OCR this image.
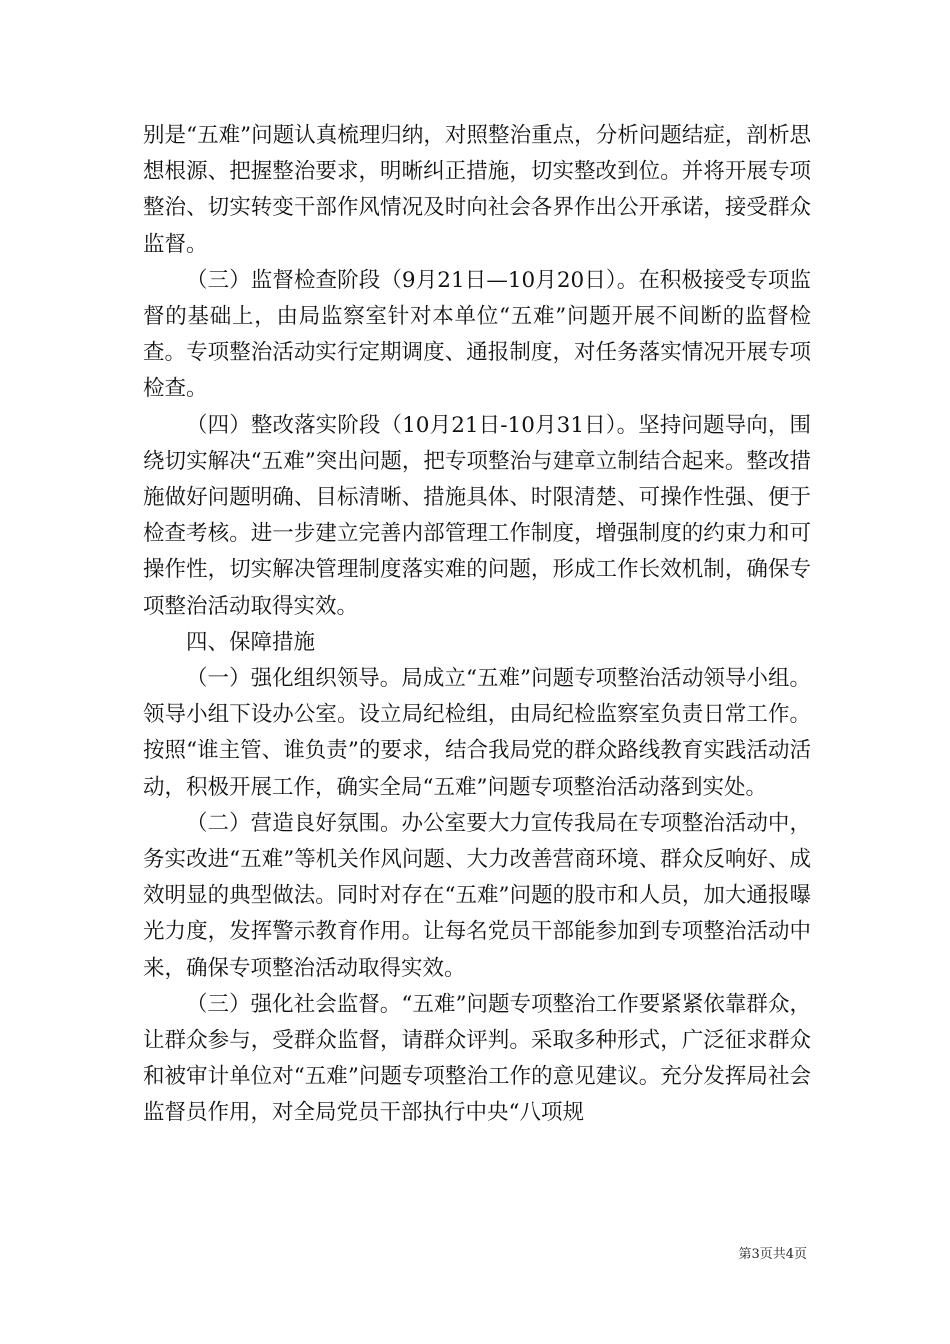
别是“五难”问题认真梳理归纳，对照整治重点，分析问题结症，剖析思想根源、把握整治要求，明晰纠正措施，切实整改到位。并将开展专项整治、切实转变干部作风情况及时向社会各界作出公开承诺，接受群众监督。

（三）监督检查阶段（9月21日—10月20日）。在积极接受专项监督的基础上，由局监察室针对本单位“五难”问题开展不间断的监督检查。专项整治活动实行定期调度、通报制度，对任务落实情况开展专项检查。

（四）整改落实阶段（10月21日-10月31日）。坚持问题导向，围绕切实解决“五难”突出问题，把专项整治与建章立制结合起来。整改措施做好问题明确、目标清晰、措施具体、时限清楚、可操作性强、便于检查考核。进一步建立完善内部管理工作制度，增强制度的约束力和可操作性，切实解决管理制度落实难的问题，形成工作长效机制，确保专项整治活动取得实效。

四、保障措施

（一）强化组织领导。局成立“五难”问题专项整治活动领导小组。领导小组下设办公室。设立局纪检组，由局纪检监察室负责日常工作。按照“谁主管、谁负责”的要求，结合我局党的群众路线教育实践活动活动，积极开展工作，确实全局“五难”问题专项整治活动落到实处。

（二）营造良好氛围。办公室要大力宣传我局在专项整治活动中，务实改进“五难”等机关作风问题、大力改善营商环境、群众反响好、成效明显的典型做法。同时对存在“五难”问题的股市和人员，加大通报曝光力度，发挥警示教育作用。让每名党员干部能参加到专项整治活动中来，确保专项整治活动取得实效。

（三）强化社会监督。“五难”问题专项整治工作要紧紧依靠群众，让群众参与，受群众监督，请群众评判。采取多种形式，广泛征求群众和被审计单位对“五难”问题专项整治工作的意见建议。充分发挥局社会监督员作用，对全局党员干部执行中央“八项规

第3页共4页
